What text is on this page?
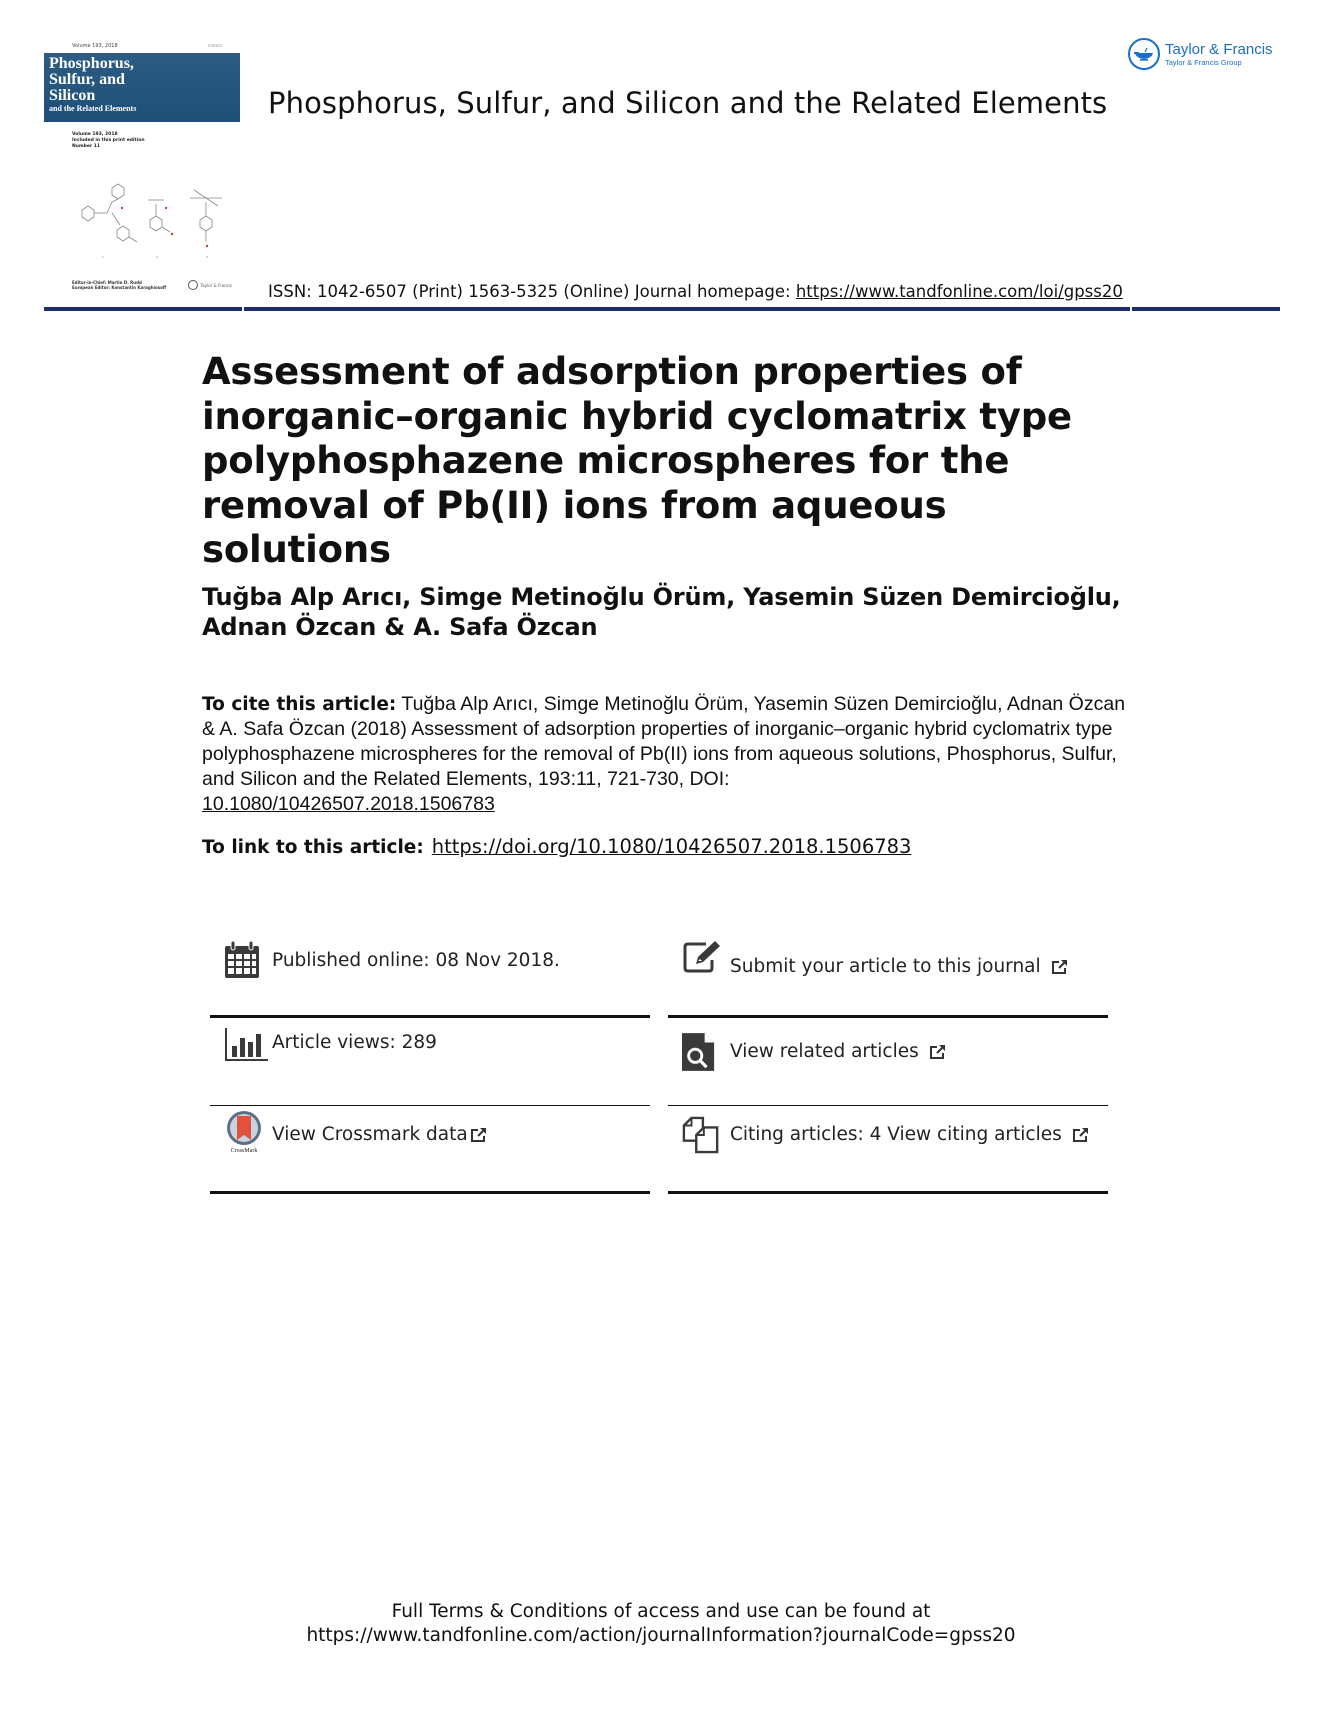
Volume 193, 2018	▭▭▭
Phosphorus,
Sulfur, and
Silicon
and the Related Elements
Volume 193, 2018
Included in this print edition
Number 11
1	2	3
Editor-in-Chief: Martin D. Rudd
European Editor: Konstantin Karaghiosoff	Taylor & Francis
Taylor & Francis
Taylor & Francis Group
Phosphorus, Sulfur, and Silicon and the Related Elements
ISSN: 1042-6507 (Print) 1563-5325 (Online) Journal homepage: https://www.tandfonline.com/loi/gpss20
Assessment of adsorption properties of inorganic–organic hybrid cyclomatrix type polyphosphazene microspheres for the removal of Pb(II) ions from aqueous solutions
Tuğba Alp Arıcı, Simge Metinoğlu Örüm, Yasemin Süzen Demircioğlu, Adnan Özcan & A. Safa Özcan
To cite this article: Tuğba Alp Arıcı, Simge Metinoğlu Örüm, Yasemin Süzen Demircioğlu, Adnan Özcan & A. Safa Özcan (2018) Assessment of adsorption properties of inorganic–organic hybrid cyclomatrix type polyphosphazene microspheres for the removal of Pb(II) ions from aqueous solutions, Phosphorus, Sulfur, and Silicon and the Related Elements, 193:11, 721-730, DOI:
10.1080/10426507.2018.1506783
To link to this article: https://doi.org/10.1080/10426507.2018.1506783
Published online: 08 Nov 2018.
Article views: 289
CrossMark
View Crossmark data
Submit your article to this journal
View related articles
Citing articles: 4 View citing articles
Full Terms & Conditions of access and use can be found at
https://www.tandfonline.com/action/journalInformation?journalCode=gpss20
